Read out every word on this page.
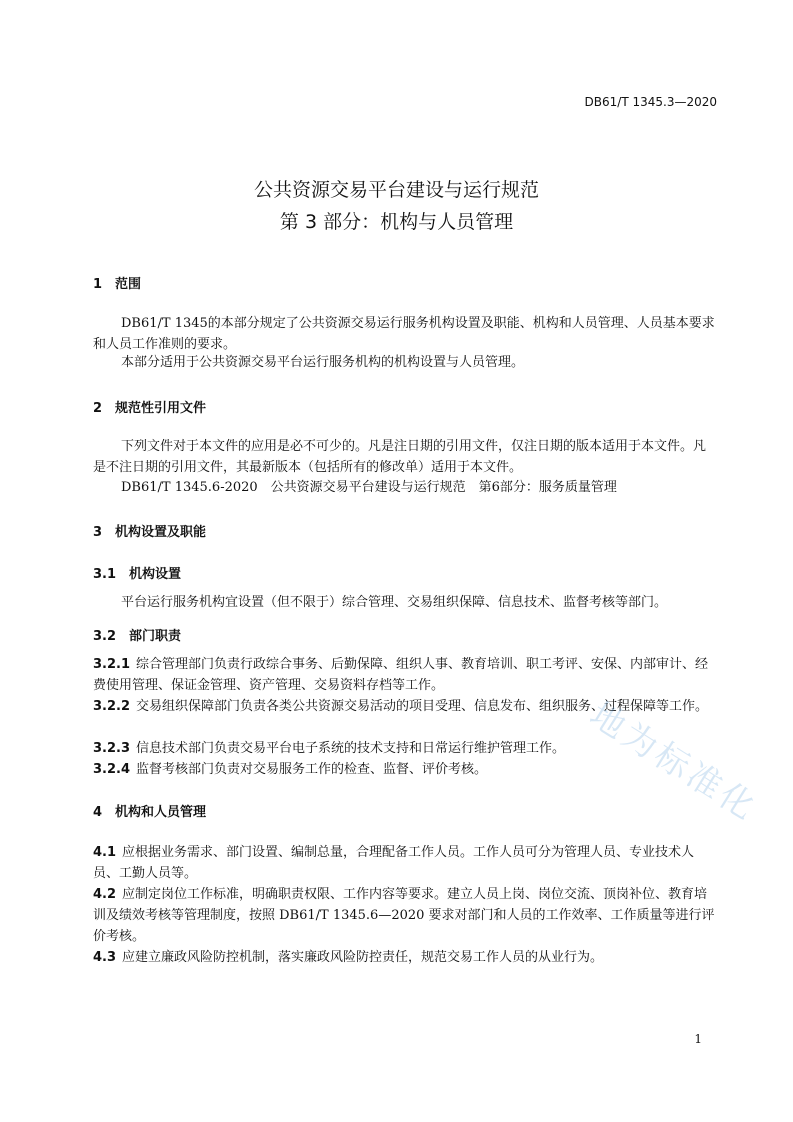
DB61/T 1345.3—2020
公共资源交易平台建设与运行规范
第 3 部分：机构与人员管理
1 范围
DB61/T 1345的本部分规定了公共资源交易运行服务机构设置及职能、机构和人员管理、人员基本要求和人员工作准则的要求。
本部分适用于公共资源交易平台运行服务机构的机构设置与人员管理。
2 规范性引用文件
下列文件对于本文件的应用是必不可少的。凡是注日期的引用文件，仅注日期的版本适用于本文件。凡是不注日期的引用文件，其最新版本（包括所有的修改单）适用于本文件。
DB61/T 1345.6-2020　公共资源交易平台建设与运行规范　第6部分：服务质量管理
3 机构设置及职能
3.1 机构设置
平台运行服务机构宜设置（但不限于）综合管理、交易组织保障、信息技术、监督考核等部门。
3.2 部门职责
3.2.1 综合管理部门负责行政综合事务、后勤保障、组织人事、教育培训、职工考评、安保、内部审计、经费使用管理、保证金管理、资产管理、交易资料存档等工作。
3.2.2 交易组织保障部门负责各类公共资源交易活动的项目受理、信息发布、组织服务、过程保障等工作。
3.2.3 信息技术部门负责交易平台电子系统的技术支持和日常运行维护管理工作。
3.2.4 监督考核部门负责对交易服务工作的检查、监督、评价考核。
4 机构和人员管理
4.1 应根据业务需求、部门设置、编制总量，合理配备工作人员。工作人员可分为管理人员、专业技术人员、工勤人员等。
4.2 应制定岗位工作标准，明确职责权限、工作内容等要求。建立人员上岗、岗位交流、顶岗补位、教育培训及绩效考核等管理制度，按照 DB61/T 1345.6—2020 要求对部门和人员的工作效率、工作质量等进行评价考核。
4.3 应建立廉政风险防控机制，落实廉政风险防控责任，规范交易工作人员的从业行为。
地为标准化
1
